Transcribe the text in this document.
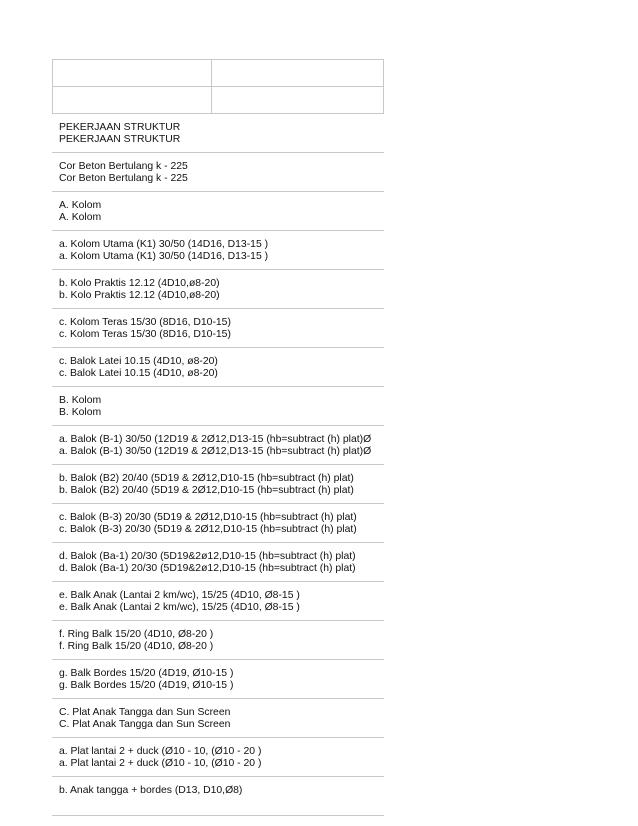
PEKERJAAN STRUKTUR
PEKERJAAN STRUKTUR
Cor Beton Bertulang k - 225
Cor Beton Bertulang k - 225
A. Kolom
A. Kolom
a. Kolom Utama (K1) 30/50 (14D16, D13-15 )
a. Kolom Utama (K1) 30/50 (14D16, D13-15 )
b. Kolo Praktis 12.12 (4D10,ø8-20)
b. Kolo Praktis 12.12 (4D10,ø8-20)
c. Kolom Teras 15/30 (8D16, D10-15)
c. Kolom Teras 15/30 (8D16, D10-15)
c. Balok Latei 10.15 (4D10, ø8-20)
c. Balok Latei 10.15 (4D10, ø8-20)
B. Kolom
B. Kolom
a. Balok (B-1) 30/50 (12D19 & 2Ø12,D13-15 (hb=subtract (h) plat)Ø
a. Balok (B-1) 30/50 (12D19 & 2Ø12,D13-15 (hb=subtract (h) plat)Ø
b. Balok (B2) 20/40 (5D19 & 2Ø12,D10-15 (hb=subtract (h) plat)
b. Balok (B2) 20/40 (5D19 & 2Ø12,D10-15 (hb=subtract (h) plat)
c. Balok (B-3) 20/30 (5D19 & 2Ø12,D10-15 (hb=subtract (h) plat)
c. Balok (B-3) 20/30 (5D19 & 2Ø12,D10-15 (hb=subtract (h) plat)
d. Balok (Ba-1) 20/30 (5D19&2ø12,D10-15 (hb=subtract (h) plat)
d. Balok (Ba-1) 20/30 (5D19&2ø12,D10-15 (hb=subtract (h) plat)
e. Balk Anak (Lantai 2 km/wc), 15/25 (4D10, Ø8-15 )
e. Balk Anak (Lantai 2 km/wc), 15/25 (4D10, Ø8-15 )
f. Ring Balk 15/20 (4D10, Ø8-20 )
f. Ring Balk 15/20 (4D10, Ø8-20 )
g. Balk Bordes 15/20 (4D19, Ø10-15 )
g. Balk Bordes 15/20 (4D19, Ø10-15 )
C. Plat Anak Tangga dan Sun Screen
C. Plat Anak Tangga dan Sun Screen
a. Plat lantai 2 + duck (Ø10 - 10, (Ø10 - 20 )
a. Plat lantai 2 + duck (Ø10 - 10, (Ø10 - 20 )
b. Anak tangga + bordes (D13, D10,Ø8)
